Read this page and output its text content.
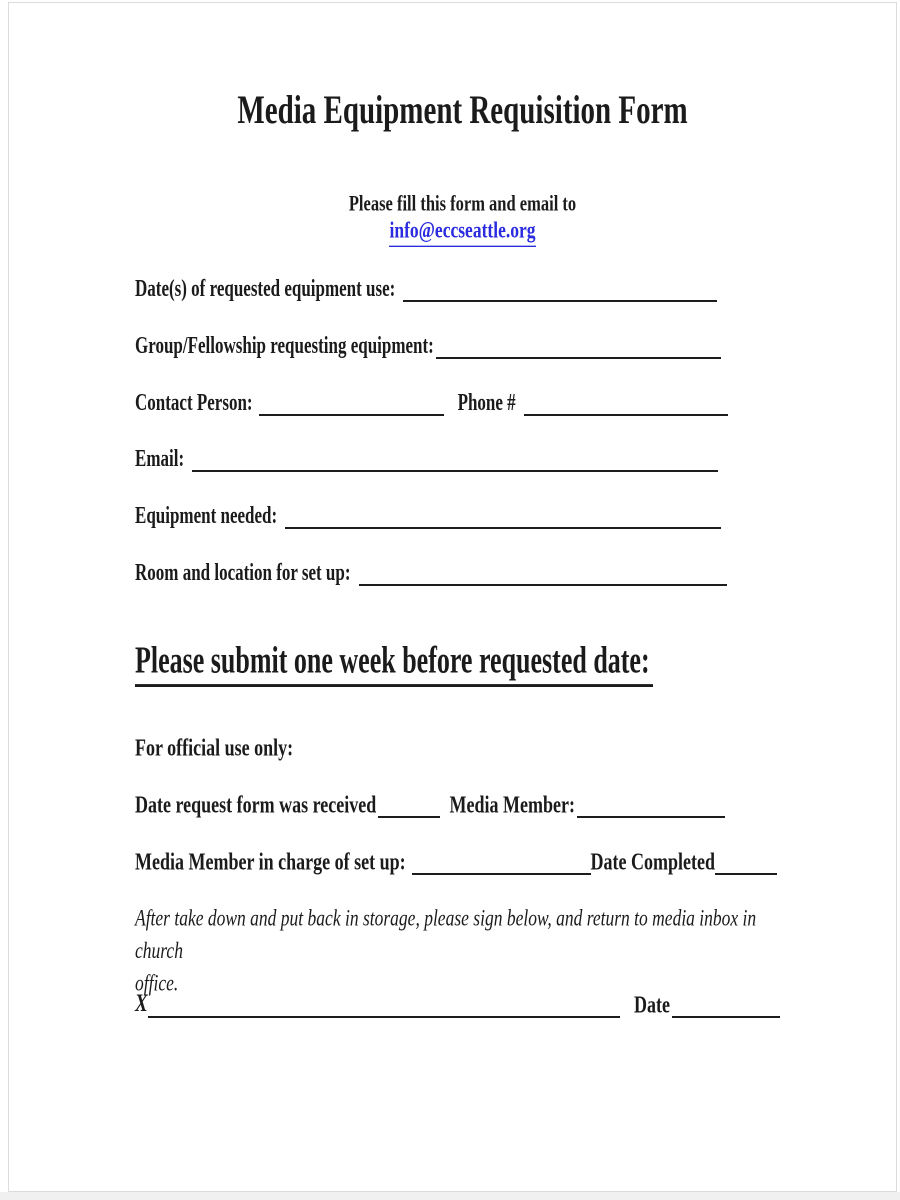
Media Equipment Requisition Form
Please fill this form and email to
info@eccseattle.org
Date(s) of requested equipment use:
Group/Fellowship requesting equipment:
Contact Person:	Phone #
Email:
Equipment needed:
Room and location for set up:
Please submit one week before requested date:
For official use only:
Date request form was received	Media Member:
Media Member in charge of set up:	Date Completed
After take down and put back in storage, please sign below, and return to media inbox in church
office.
X	Date
